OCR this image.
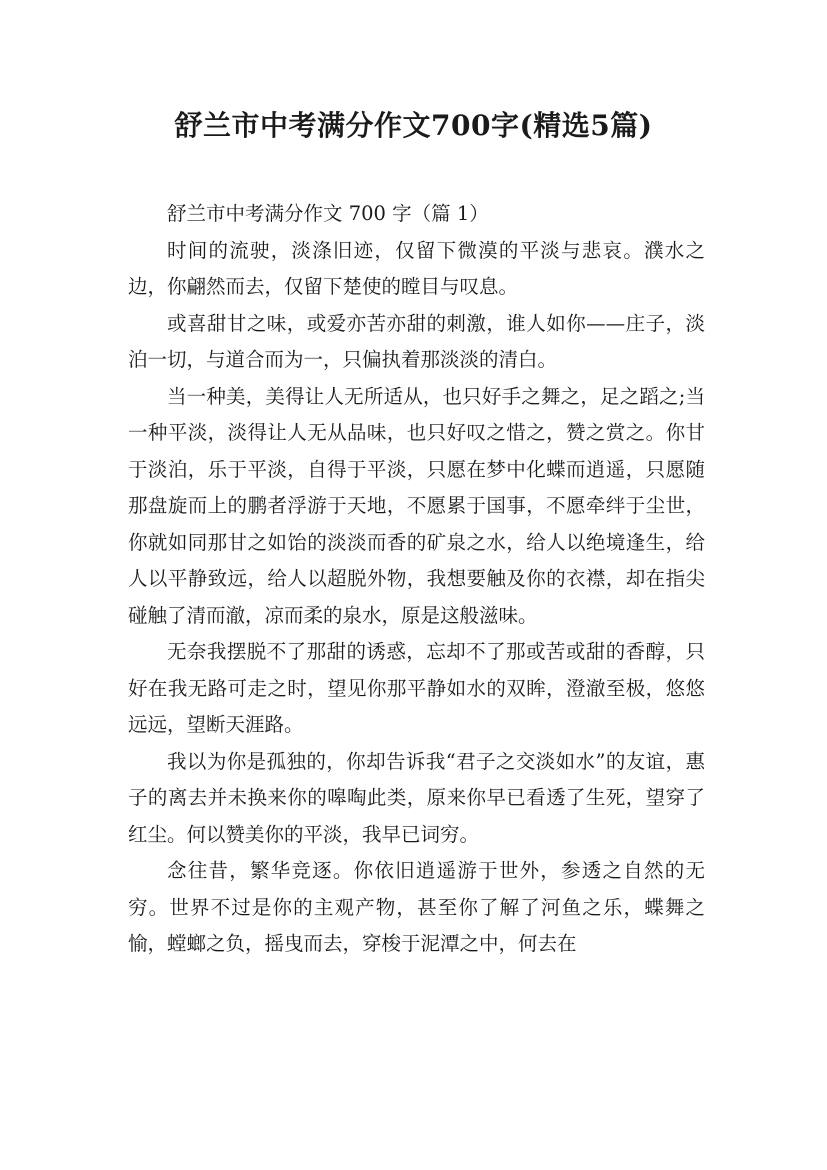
舒兰市中考满分作文700字(精选5篇)

舒兰市中考满分作文 700 字（篇 1）

时间的流驶，淡涤旧迹，仅留下微漠的平淡与悲哀。濮水之边，你翩然而去，仅留下楚使的瞠目与叹息。

或喜甜甘之味，或爱亦苦亦甜的刺激，谁人如你——庄子，淡泊一切，与道合而为一，只偏执着那淡淡的清白。

当一种美，美得让人无所适从，也只好手之舞之，足之蹈之;当一种平淡，淡得让人无从品味，也只好叹之惜之，赞之赏之。你甘于淡泊，乐于平淡，自得于平淡，只愿在梦中化蝶而逍遥，只愿随那盘旋而上的鹏者浮游于天地，不愿累于国事，不愿牵绊于尘世，你就如同那甘之如饴的淡淡而香的矿泉之水，给人以绝境逢生，给人以平静致远，给人以超脱外物，我想要触及你的衣襟，却在指尖碰触了清而澈，凉而柔的泉水，原是这般滋味。

无奈我摆脱不了那甜的诱惑，忘却不了那或苦或甜的香醇，只好在我无路可走之时，望见你那平静如水的双眸，澄澈至极，悠悠远远，望断天涯路。

我以为你是孤独的，你却告诉我“君子之交淡如水”的友谊，惠子的离去并未换来你的嗥啕此类，原来你早已看透了生死，望穿了红尘。何以赞美你的平淡，我早已词穷。

念往昔，繁华竞逐。你依旧逍遥游于世外，参透之自然的无穷。世界不过是你的主观产物，甚至你了解了河鱼之乐，蝶舞之愉，螳螂之负，摇曳而去，穿梭于泥潭之中，何去在
